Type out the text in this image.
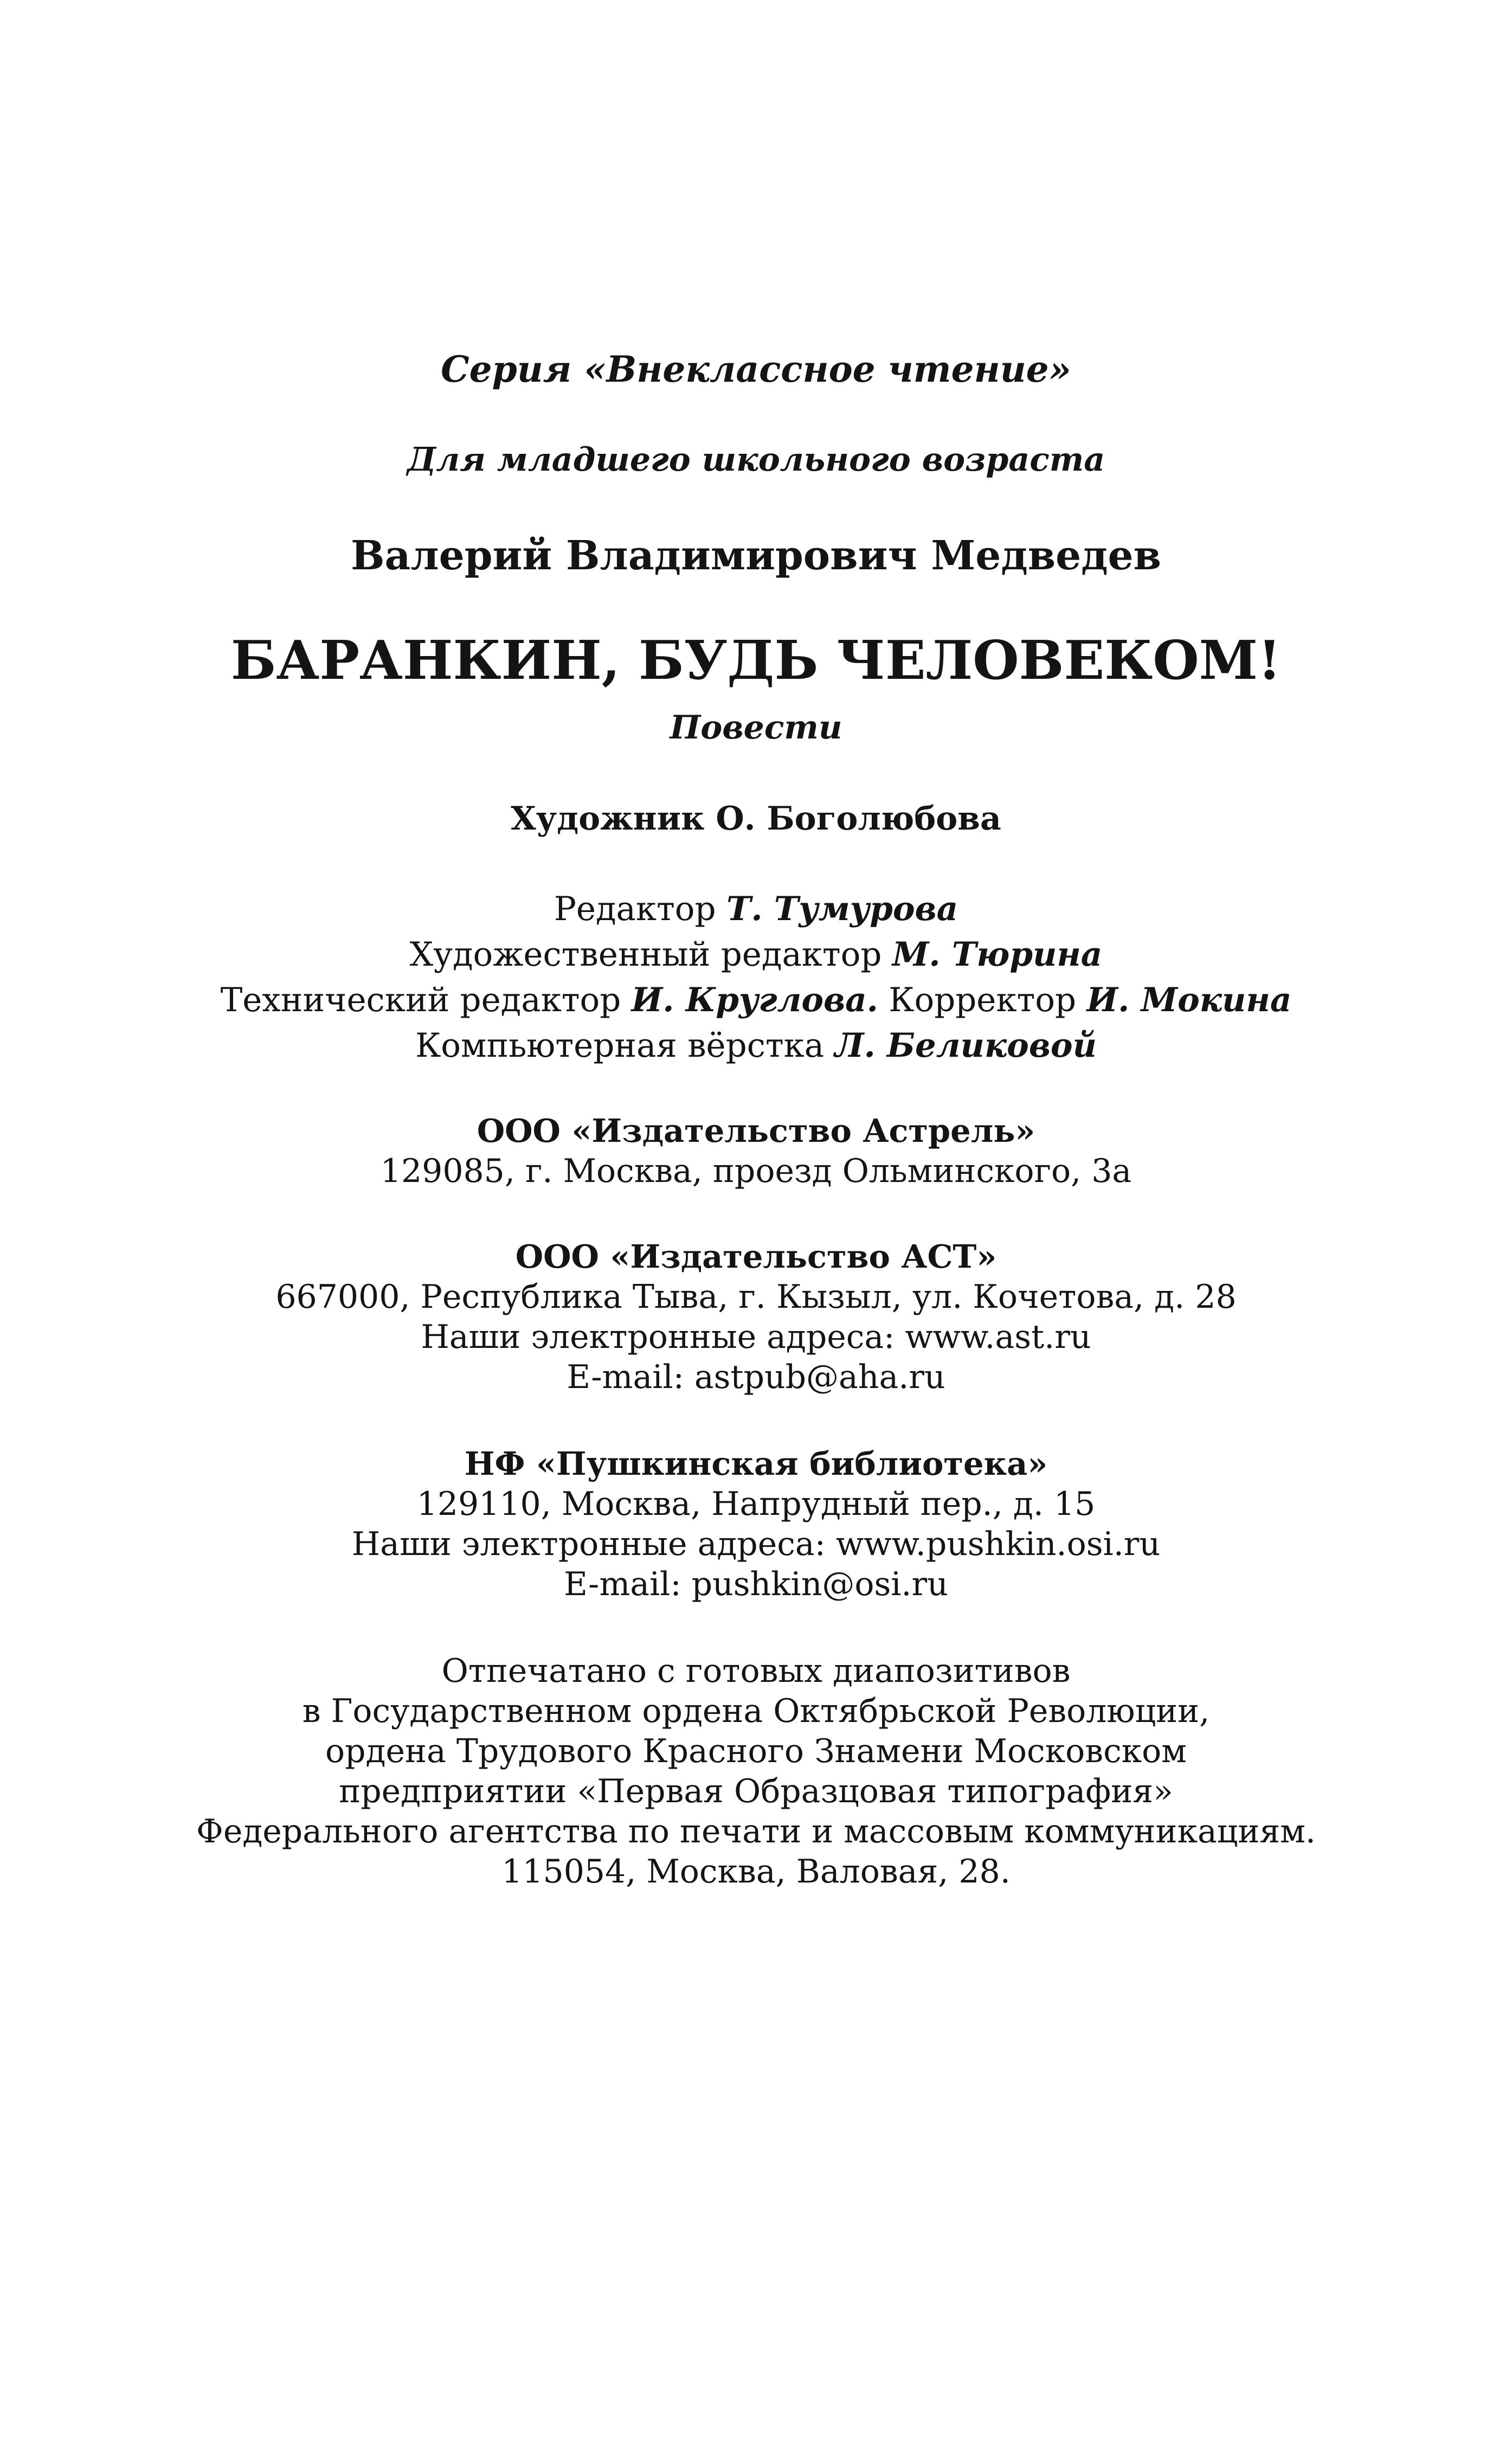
Серия «Внеклассное чтение»
Для младшего школьного возраста
Валерий Владимирович Медведев
БАРАНКИН, БУДЬ ЧЕЛОВЕКОМ!
Повести
Художник О. Боголюбова
Редактор Т. Тумурова
Художественный редактор М. Тюрина
Технический редактор И. Круглова. Корректор И. Мокина
Компьютерная вёрстка Л. Беликовой
ООО «Издательство Астрель»
129085, г. Москва, проезд Ольминского, 3а
ООО «Издательство АСТ»
667000, Республика Тыва, г. Кызыл, ул. Кочетова, д. 28
Наши электронные адреса: www.ast.ru
E-mail: astpub@aha.ru
НФ «Пушкинская библиотека»
129110, Москва, Напрудный пер., д. 15
Наши электронные адреса: www.pushkin.osi.ru
E-mail: pushkin@osi.ru
Отпечатано с готовых диапозитивов
в Государственном ордена Октябрьской Революции,
ордена Трудового Красного Знамени Московском
предприятии «Первая Образцовая типография»
Федерального агентства по печати и массовым коммуникациям.
115054, Москва, Валовая, 28.
